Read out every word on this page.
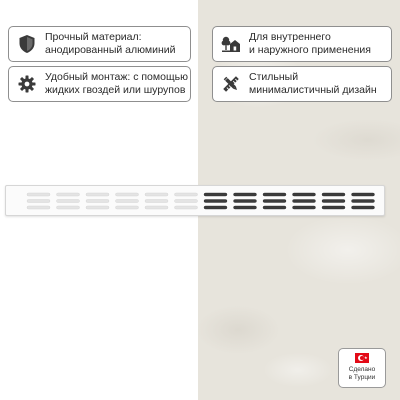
Прочный материал:
анодированный алюминий
Удобный монтаж: с помощью
жидких гвоздей или шурупов
Для внутреннего
и наружного применения
Стильный
минималистичный дизайн
★
Сделано
в Турции
